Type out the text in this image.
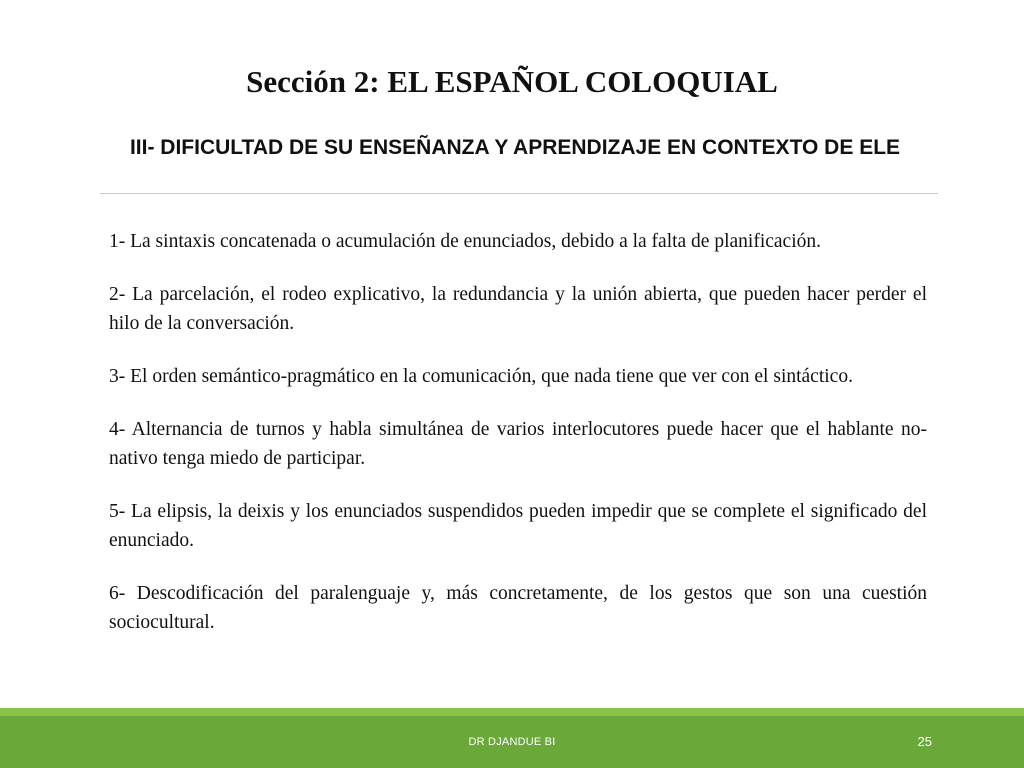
Sección 2: EL ESPAÑOL COLOQUIAL
III- DIFICULTAD DE SU ENSEÑANZA Y APRENDIZAJE EN CONTEXTO DE ELE
1- La sintaxis concatenada o acumulación de enunciados, debido a la falta de planificación.
2- La parcelación, el rodeo explicativo, la redundancia y la unión abierta, que pueden hacer perder el hilo de la conversación.
3- El orden semántico-pragmático en la comunicación, que nada tiene que ver con el sintáctico.
4- Alternancia de turnos y habla simultánea de varios interlocutores puede hacer que el hablante no-nativo tenga miedo de participar.
5- La elipsis, la deixis y los enunciados suspendidos pueden impedir que se complete el significado del enunciado.
6- Descodificación del paralenguaje y, más concretamente, de los gestos que son una cuestión sociocultural.
DR DJANDUE BI	25
